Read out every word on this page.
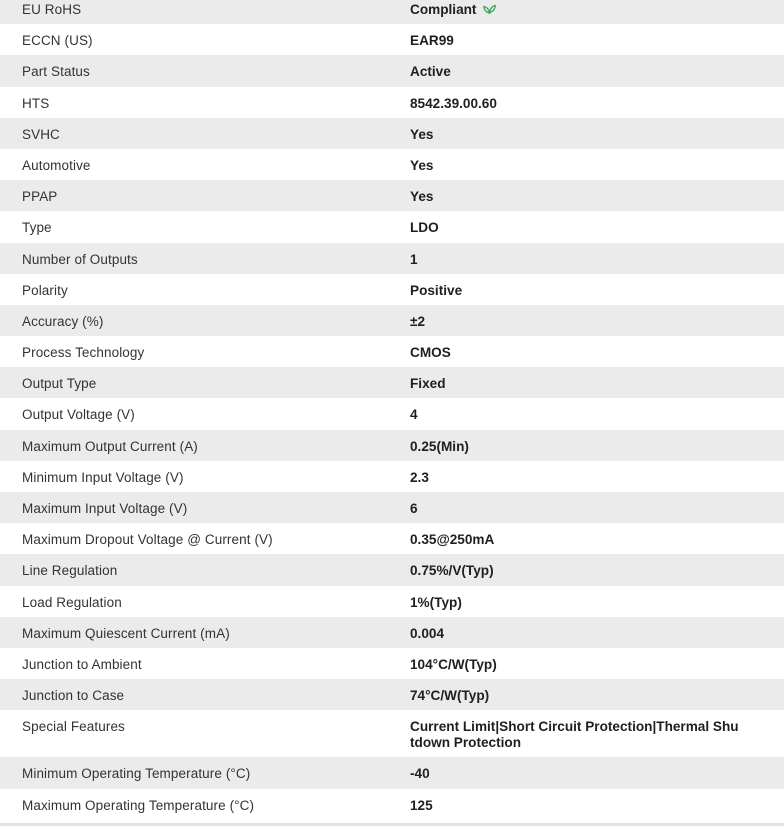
EU RoHS	Compliant
ECCN (US)	EAR99
Part Status	Active
HTS	8542.39.00.60
SVHC	Yes
Automotive	Yes
PPAP	Yes
Type	LDO
Number of Outputs	1
Polarity	Positive
Accuracy (%)	±2
Process Technology	CMOS
Output Type	Fixed
Output Voltage (V)	4
Maximum Output Current (A)	0.25(Min)
Minimum Input Voltage (V)	2.3
Maximum Input Voltage (V)	6
Maximum Dropout Voltage @ Current (V)	0.35@250mA
Line Regulation	0.75%/V(Typ)
Load Regulation	1%(Typ)
Maximum Quiescent Current (mA)	0.004
Junction to Ambient	104°C/W(Typ)
Junction to Case	74°C/W(Typ)
Special Features	Current Limit|Short Circuit Protection|Thermal Shutdown Protection
Minimum Operating Temperature (°C)	-40
Maximum Operating Temperature (°C)	125
